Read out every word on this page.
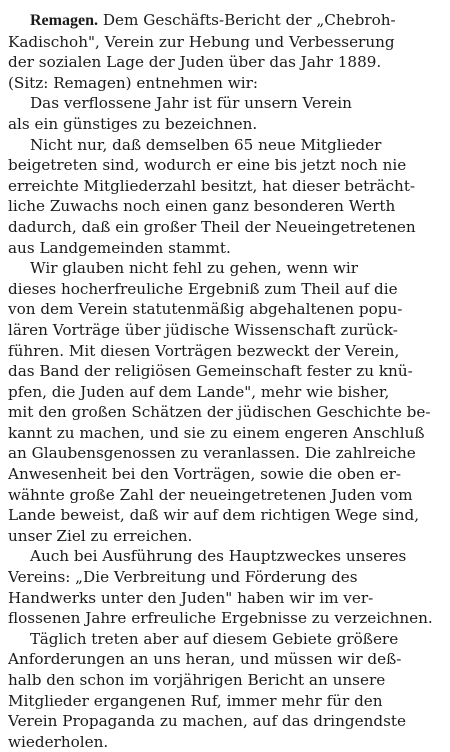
Remagen. Dem Geschäfts-Bericht der „Chebroh-
Kadischoh", Verein zur Hebung und Verbesserung
der sozialen Lage der Juden über das Jahr 1889.
(Sitz: Remagen) entnehmen wir:
Das verflossene Jahr ist für unsern Verein
als ein günstiges zu bezeichnen.
Nicht nur, daß demselben 65 neue Mitglieder
beigetreten sind, wodurch er eine bis jetzt noch nie
erreichte Mitgliederzahl besitzt, hat dieser beträcht-
liche Zuwachs noch einen ganz besonderen Werth
dadurch, daß ein großer Theil der Neueingetretenen
aus Landgemeinden stammt.
Wir glauben nicht fehl zu gehen, wenn wir
dieses hocherfreuliche Ergebniß zum Theil auf die
von dem Verein statutenmäßig abgehaltenen popu-
lären Vorträge über jüdische Wissenschaft zurück-
führen. Mit diesen Vorträgen bezweckt der Verein,
das Band der religiösen Gemeinschaft fester zu knü-
pfen, die Juden auf dem Lande", mehr wie bisher,
mit den großen Schätzen der jüdischen Geschichte be-
kannt zu machen, und sie zu einem engeren Anschluß
an Glaubensgenossen zu veranlassen. Die zahlreiche
Anwesenheit bei den Vorträgen, sowie die oben er-
wähnte große Zahl der neueingetretenen Juden vom
Lande beweist, daß wir auf dem richtigen Wege sind,
unser Ziel zu erreichen.
Auch bei Ausführung des Hauptzweckes unseres
Vereins: „Die Verbreitung und Förderung des
Handwerks unter den Juden" haben wir im ver-
flossenen Jahre erfreuliche Ergebnisse zu verzeichnen.
Täglich treten aber auf diesem Gebiete größere
Anforderungen an uns heran, und müssen wir deß-
halb den schon im vorjährigen Bericht an unsere
Mitglieder ergangenen Ruf, immer mehr für den
Verein Propaganda zu machen, auf das dringendste
wiederholen.
